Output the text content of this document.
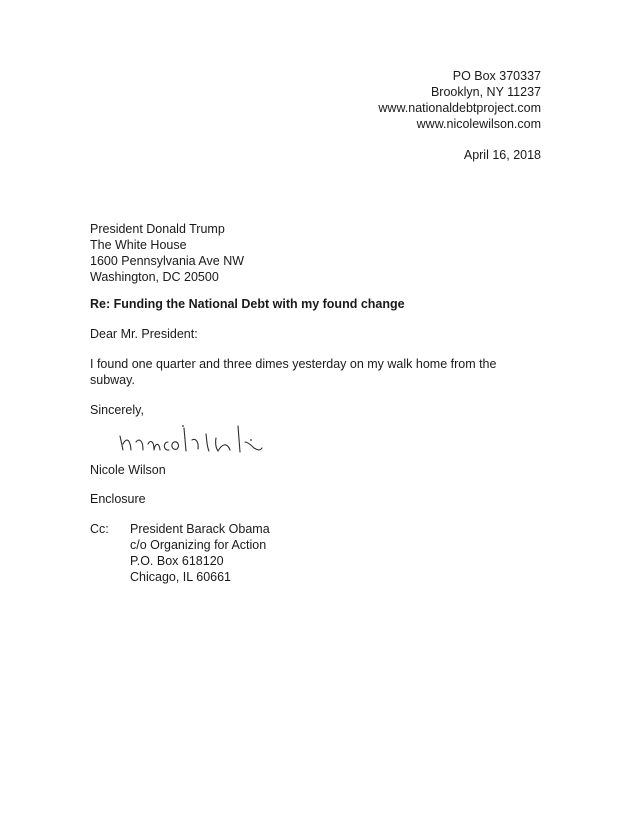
PO Box 370337
Brooklyn, NY 11237
www.nationaldebtproject.com
www.nicolewilson.com
April 16, 2018
President Donald Trump
The White House
1600 Pennsylvania Ave NW
Washington, DC 20500
Re: Funding the National Debt with my found change
Dear Mr. President:
I found one quarter and three dimes yesterday on my walk home from the subway.
Sincerely,
Nicole Wilson
Enclosure
Cc: President Barack Obama
c/o Organizing for Action
P.O. Box 618120
Chicago, IL 60661
